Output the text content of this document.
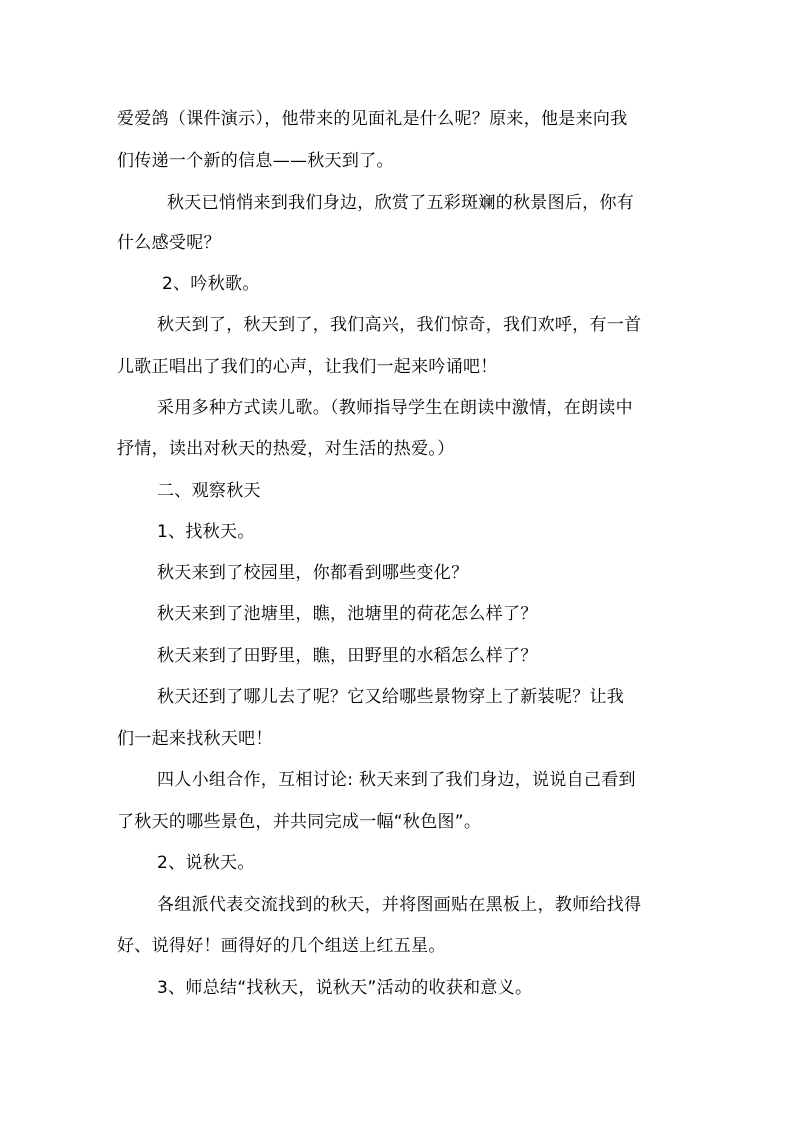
爱爱鸽（课件演示），他带来的见面礼是什么呢？原来，他是来向我
们传递一个新的信息——秋天到了。
秋天已悄悄来到我们身边，欣赏了五彩斑斓的秋景图后，你有
什么感受呢？
2、吟秋歌。
秋天到了，秋天到了，我们高兴，我们惊奇，我们欢呼，有一首
儿歌正唱出了我们的心声，让我们一起来吟诵吧！
采用多种方式读儿歌。（教师指导学生在朗读中激情，在朗读中
抒情，读出对秋天的热爱，对生活的热爱。）
二、观察秋天
1、找秋天。
秋天来到了校园里，你都看到哪些变化？
秋天来到了池塘里，瞧，池塘里的荷花怎么样了？
秋天来到了田野里，瞧，田野里的水稻怎么样了？
秋天还到了哪儿去了呢？它又给哪些景物穿上了新装呢？让我
们一起来找秋天吧！
四人小组合作，互相讨论: 秋天来到了我们身边，说说自己看到
了秋天的哪些景色，并共同完成一幅“秋色图”。
2、说秋天。
各组派代表交流找到的秋天，并将图画贴在黑板上，教师给找得
好、说得好！画得好的几个组送上红五星。
3、师总结“找秋天，说秋天”活动的收获和意义。
